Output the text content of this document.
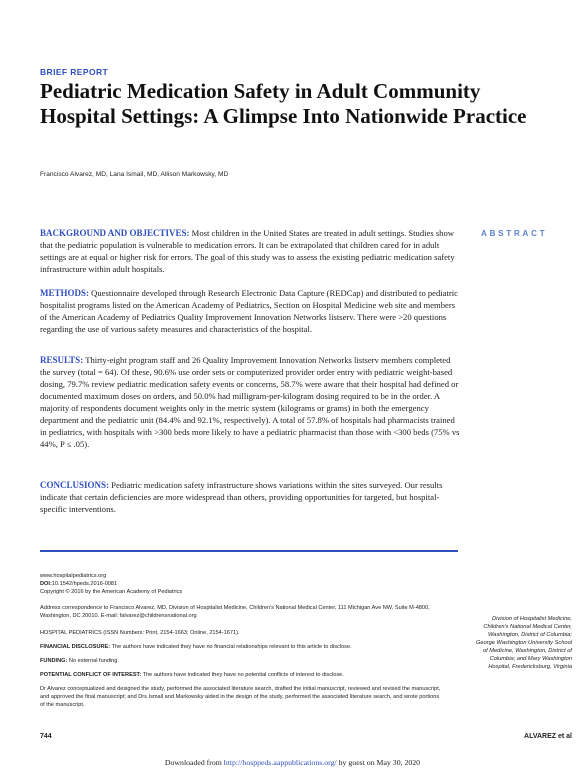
BRIEF REPORT
Pediatric Medication Safety in Adult Community Hospital Settings: A Glimpse Into Nationwide Practice
Francisco Alvarez, MD, Lana Ismail, MD, Allison Markowsky, MD
ABSTRACT

BACKGROUND AND OBJECTIVES: Most children in the United States are treated in adult settings. Studies show that the pediatric population is vulnerable to medication errors. It can be extrapolated that children cared for in adult settings are at equal or higher risk for errors. The goal of this study was to assess the existing pediatric medication safety infrastructure within adult hospitals.

METHODS: Questionnaire developed through Research Electronic Data Capture (REDCap) and distributed to pediatric hospitalist programs listed on the American Academy of Pediatrics, Section on Hospital Medicine web site and members of the American Academy of Pediatrics Quality Improvement Innovation Networks listserv. There were >20 questions regarding the use of various safety measures and characteristics of the hospital.

RESULTS: Thirty-eight program staff and 26 Quality Improvement Innovation Networks listserv members completed the survey (total = 64). Of these, 90.6% use order sets or computerized provider order entry with pediatric weight-based dosing, 79.7% review pediatric medication safety events or concerns, 58.7% were aware that their hospital had defined or documented maximum doses on orders, and 50.0% had milligram-per-kilogram dosing required to be in the order. A majority of respondents document weights only in the metric system (kilograms or grams) in both the emergency department and the pediatric unit (84.4% and 92.1%, respectively). A total of 57.8% of hospitals had pharmacists trained in pediatrics, with hospitals with >300 beds more likely to have a pediatric pharmacist than those with <300 beds (75% vs 44%, P ≤ .05).

CONCLUSIONS: Pediatric medication safety infrastructure shows variations within the sites surveyed. Our results indicate that certain deficiencies are more widespread than others, providing opportunities for targeted, but hospital-specific interventions.

www.hospitalpediatrics.org
DOI:10.1542/hpeds.2016-0081
Copyright © 2016 by the American Academy of Pediatrics
Address correspondence to Francisco Alvarez, MD, Division of Hospitalist Medicine, Children's National Medical Center, 111 Michigan Ave NW, Suite M-4800, Washington, DC 20010. E-mail: falvarez@childrensnational.org
HOSPITAL PEDIATRICS (ISSN Numbers: Print, 2154-1663; Online, 2154-1671).
FINANCIAL DISCLOSURE: The authors have indicated they have no financial relationships relevant to this article to disclose.
FUNDING: No external funding.
POTENTIAL CONFLICT OF INTEREST: The authors have indicated they have no potential conflicts of interest to disclose.
Dr Alvarez conceptualized and designed the study, performed the associated literature search, drafted the initial manuscript, reviewed and revised the manuscript, and approved the final manuscript; and Drs Ismail and Markowsky aided in the design of the study, performed the associated literature search, and wrote portions of the manuscript.
Division of Hospitalist Medicine, Children's National Medical Center, Washington, District of Columbia; George Washington University School of Medicine, Washington, District of Columbia; and Mary Washington Hospital, Fredericksburg, Virginia
744	ALVAREZ et al
Downloaded from http://hosppeds.aappublications.org/ by guest on May 30, 2020
